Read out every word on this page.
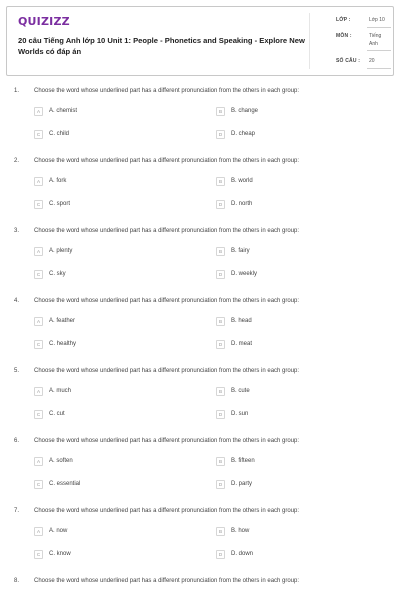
QUIZIZZ
20 câu Tiếng Anh lớp 10 Unit 1: People - Phonetics and Speaking - Explore New Worlds có đáp án
LỚP :	Lớp 10
MÔN :	Tiếng
Anh
SỐ CÂU : 20
1. Choose the word whose underlined part has a different pronunciation from the others in each group:
A	A. chemist	B	B. change
C	C. child	D	D. cheap
2. Choose the word whose underlined part has a different pronunciation from the others in each group:
A	A. fork	B	B. world
C	C. sport	D	D. north
3. Choose the word whose underlined part has a different pronunciation from the others in each group:
A	A. plenty	B	B. fairy
C	C. sky	D	D. weekly
4. Choose the word whose underlined part has a different pronunciation from the others in each group:
A	A. feather	B	B. head
C	C. healthy	D	D. meat
5. Choose the word whose underlined part has a different pronunciation from the others in each group:
A	A. much	B	B. cute
C	C. cut	D	D. sun
6. Choose the word whose underlined part has a different pronunciation from the others in each group:
A	A. soften	B	B. fifteen
C	C. essential	D	D. party
7. Choose the word whose underlined part has a different pronunciation from the others in each group:
A	A. now	B	B. how
C	C. know	D	D. down
8. Choose the word whose underlined part has a different pronunciation from the others in each group:
